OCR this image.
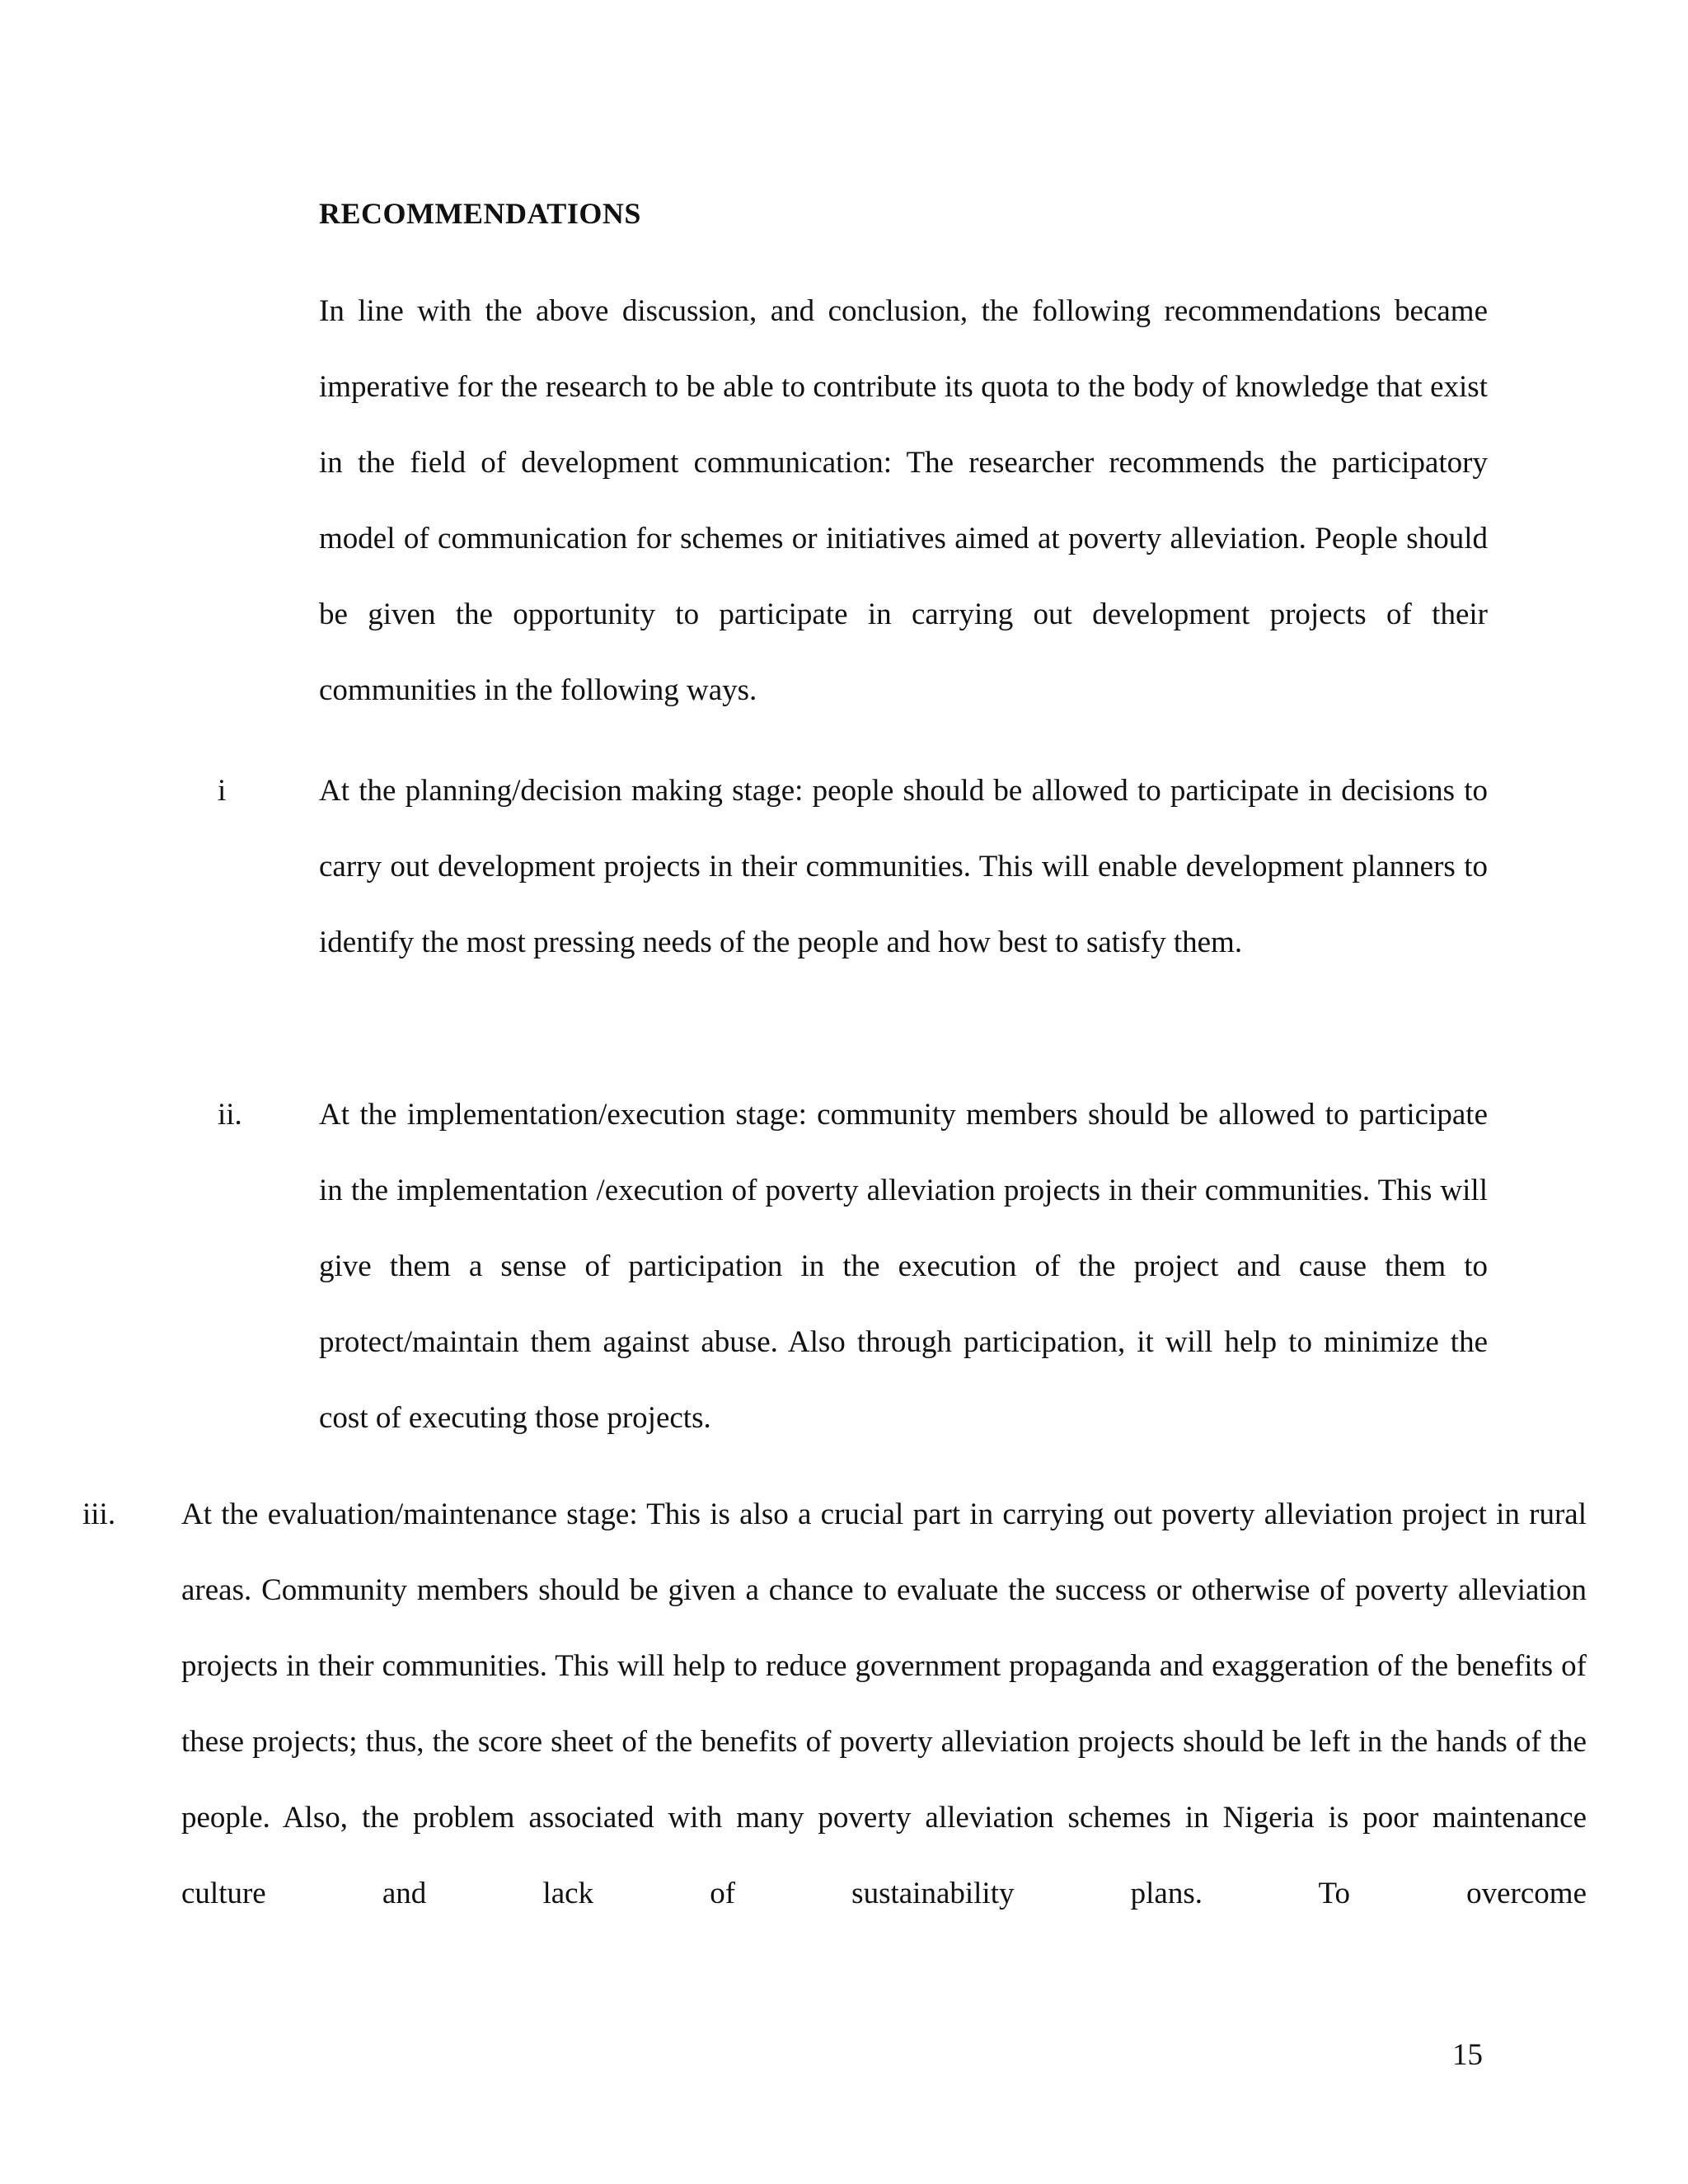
RECOMMENDATIONS

In line with the above discussion, and conclusion, the following recommendations became imperative for the research to be able to contribute its quota to the body of knowledge that exist in the field of development communication: The researcher recommends the participatory model of communication for schemes or initiatives aimed at poverty alleviation. People should be given the opportunity to participate in carrying out development projects of their communities in the following ways.

i	At the planning/decision making stage: people should be allowed to participate in decisions to carry out development projects in their communities. This will enable development planners to identify the most pressing needs of the people and how best to satisfy them.

ii.	At the implementation/execution stage: community members should be allowed to participate in the implementation /execution of poverty alleviation projects in their communities. This will give them a sense of participation in the execution of the project and cause them to protect/maintain them against abuse. Also through participation, it will help to minimize the cost of executing those projects.

iii. At the evaluation/maintenance stage: This is also a crucial part in carrying out poverty alleviation project in rural areas. Community members should be given a chance to evaluate the success or otherwise of poverty alleviation projects in their communities. This will help to reduce government propaganda and exaggeration of the benefits of these projects; thus, the score sheet of the benefits of poverty alleviation projects should be left in the hands of the people. Also, the problem associated with many poverty alleviation schemes in Nigeria is poor maintenance culture and lack of sustainability plans. To overcome

15
